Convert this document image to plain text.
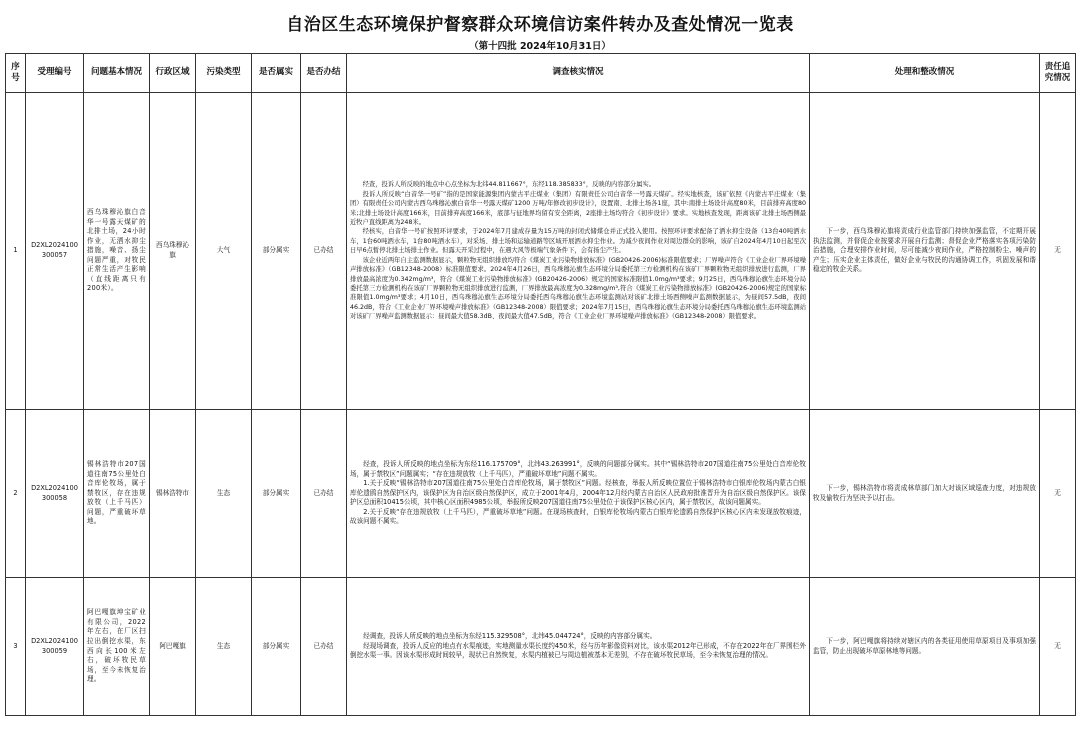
自治区生态环境保护督察群众环境信访案件转办及查处情况一览表
（第十四批 2024年10月31日）
序号	受理编号	问题基本情况	行政区域	污染类型	是否属实	是否办结	调查核实情况	处理和整改情况	责任追究情况
1	D2XL2024100300057	西乌珠穆沁旗白音华一号露天煤矿的北排土场，24小时作业，无洒水抑尘措施，噪音、扬尘问题严重，对牧民正常生活产生影响（直线距离只有200米）。	西乌珠穆沁旗	大气	部分属实	已办结	经查，投诉人所反映的地点中心点坐标为北纬44.811667°，东经118.385833°，反映的内容部分属实。

投诉人所反映“白音华一号矿”指的是国家能源集团内蒙古平庄煤业（集团）有限责任公司白音华一号露天煤矿。经实地核查，该矿依照《内蒙古平庄煤业（集团）有限责任公司内蒙古西乌珠穆沁旗白音华一号露天煤矿1200 万吨/年修改初步设计》，设置南、北排土场各1座，其中:南排土场设计高度80米，目前排弃高度80米;北排土场设计高度166米，目前排弃高度166米，底部与征地界均留有安全距离，2座排土场均符合《初步设计》要求。实地核查发现，距离该矿北排土场西侧最近牧户直线距离为248米。

经核实，白音华一号矿按照环评要求，于2024年7月建成存量为15万吨的封闭式储煤仓并正式投入使用。按照环评要求配备了洒水抑尘设备（13台40吨洒水车，1台60吨洒水车，1台80吨洒水车），对采场、排土场和运输道路等区域开展洒水抑尘作业。为减少夜间作业对周边群众的影响，该矿自2024年4月10日起至次日早6点暂停北排土场排土作业。但露天开采过程中，在遇大风等极端气象条件下，会有扬尘产生。

该企业近两年自主监测数据显示，颗粒物无组织排放均符合《煤炭工业污染物排放标准》(GB20426-2006)标准限值要求；厂界噪声符合《工业企业厂界环境噪声排放标准》（GB12348-2008）标准限值要求。2024年4月26日，西乌珠穆沁旗生态环境分局委托第三方检测机构在该矿厂界颗粒物无组织排放进行监测，厂界排放最高浓度为0.342mg/m³，符合《煤炭工业污染物排放标准》(GB20426-2006）规定的国家标准限值1.0mg/m³要求；9月25日，西乌珠穆沁旗生态环境分局委托第三方检测机构在该矿厂界颗粒物无组织排放进行监测，厂界排放最高浓度为0.328mg/m³,符合《煤炭工业污染物排放标准》(GB20426-2006)规定的国家标准限值1.0mg/m³要求；4月10日，西乌珠穆沁旗生态环境分局委托西乌珠穆沁旗生态环境监测站对该矿北排土场西侧噪声监测数据显示，为昼间57.5dB，夜间46.2dB，符合《工业企业厂界环境噪声排放标准》（GB12348-2008）限值要求；2024年7月15日，西乌珠穆沁旗生态环境分局委托西乌珠穆沁旗生态环境监测站对该矿厂界噪声监测数据显示：昼间最大值58.3dB、夜间最大值47.5dB，符合《工业企业厂界环境噪声排放标准》（GB12348-2008）限值要求。	下一步，西乌珠穆沁旗将责成行业监管部门持续加强监管，不定期开展执法监测，并督促企业按要求开展自行监测；督促企业严格落实各项污染防治措施，合理安排作业时间，尽可能减少夜间作业，严格控制粉尘、噪声的产生；压实企业主体责任，做好企业与牧民的沟通协调工作，巩固发展和谐稳定的牧企关系。	无
2	D2XL2024100300058	锡林浩特市207国道往南75公里处白音库伦牧场，属于禁牧区，存在违规放牧（上千马匹）问题，严重破坏草地。	锡林浩特市	生态	部分属实	已办结	经查，投诉人所反映的地点坐标为东经116.175709°，北纬43.263991°，反映的问题部分属实。其中“锡林浩特市207国道往南75公里处白音库伦牧场，属于禁牧区”问题属实；“存在违规放牧（上千马匹），严重破坏草地”问题不属实。

1.关于反映“锡林浩特市207国道往南75公里处白音库伦牧场，属于禁牧区”问题。经核查，举报人所反映位置位于锡林浩特市白银库伦牧场内蒙古白银库伦遗鸥自然保护区内，该保护区为自治区级自然保护区，成立于2001年4月，2004年12月经内蒙古自治区人民政府批准晋升为自治区级自然保护区。该保护区总面积10415公顷，其中核心区面积4985公顷，举报所反映207国道往南75公里处位于该保护区核心区内，属于禁牧区，故该问题属实。

2.关于反映“存在违规放牧（上千马匹），严重破坏草地”问题。在现场核查时，白银库伦牧场内蒙古白银库伦遗鸥自然保护区核心区内未发现放牧痕迹，故该问题不属实。	下一步，锡林浩特市将责成林草部门加大对该区域巡查力度，对违规放牧及偷牧行为坚决予以打击。	无
3	D2XL2024100300059	阿巴嘎旗坤宝矿业有限公司，2022年左右，在厂区扫拉出倒挖水渠，东西向长100米左右，破坏牧民草场，至今未恢复治理。	阿巴嘎旗	生态	部分属实	已办结	经调查，投诉人所反映的地点坐标为东经115.329508°，北纬45.044724°，反映的内容部分属实。

经现场调查，投诉人反应的地点有水渠痕迹，实地测量水渠长度约450米，经与历年影像资料对比，该水渠2012年已形成，不存在2022年在厂界围栏外倒挖水渠一事。因该水渠形成时间较早，现状已自然恢复，水渠内植被已与周边植被基本无差别，不存在破坏牧民草场，至今未恢复治理的情况。	下一步，阿巴嘎旗将持续对辖区内的各类征用使用草原项目及事项加强监管，防止出现破坏草原林地等问题。	无
